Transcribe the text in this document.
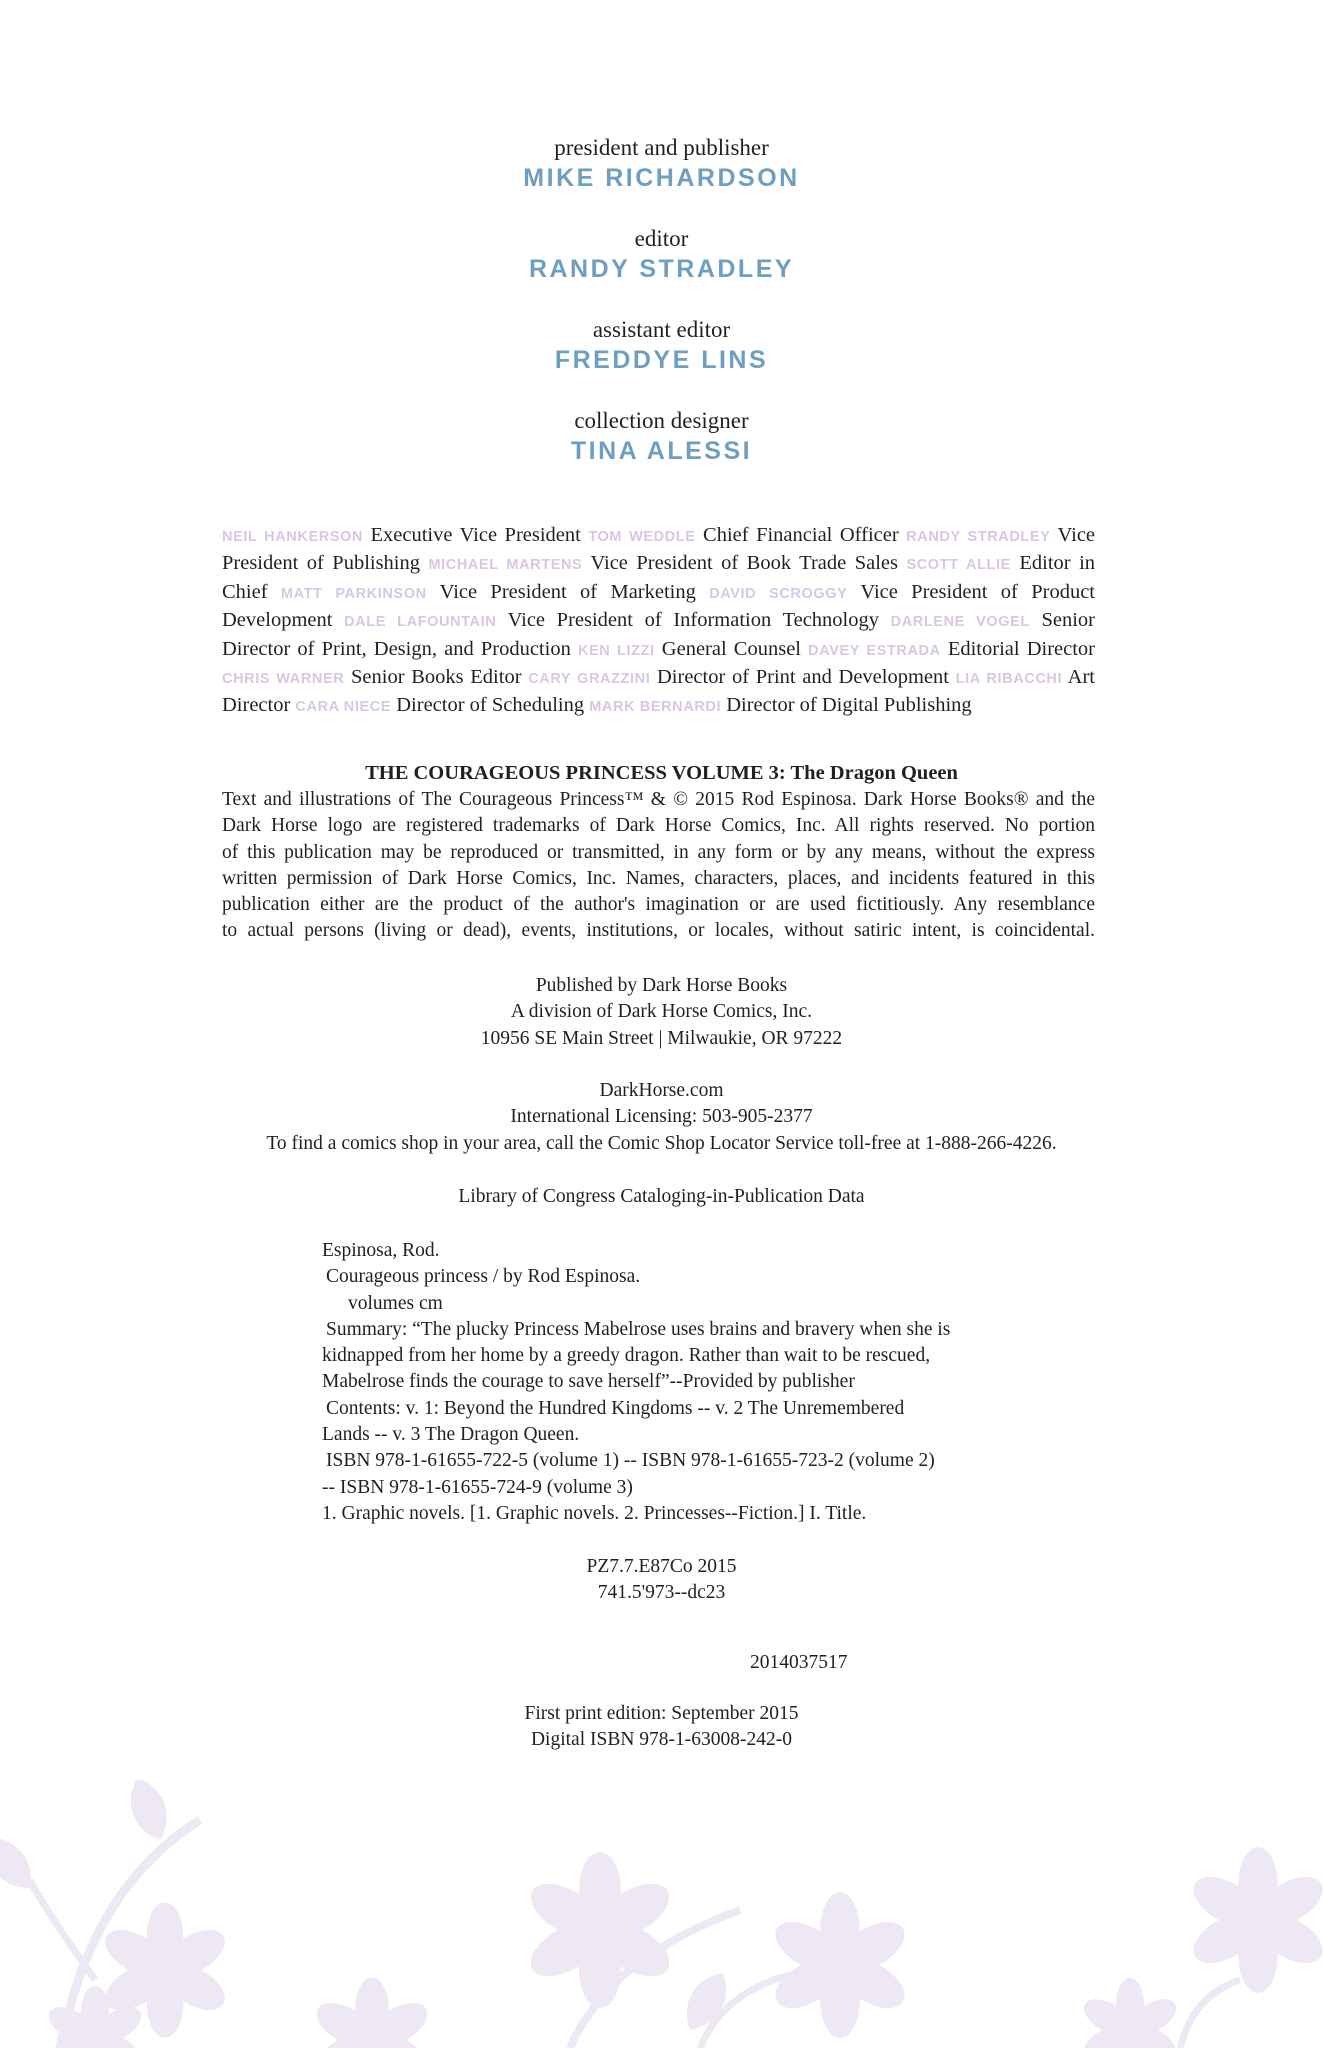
president and publisher
MIKE RICHARDSON
editor
RANDY STRADLEY
assistant editor
FREDDYE LINS
collection designer
TINA ALESSI
NEIL HANKERSON Executive Vice President TOM WEDDLE Chief Financial Officer RANDY STRADLEY Vice President of Publishing MICHAEL MARTENS Vice President of Book Trade Sales SCOTT ALLIE Editor in Chief MATT PARKINSON Vice President of Marketing DAVID SCROGGY Vice President of Product Development DALE LAFOUNTAIN Vice President of Information Technology DARLENE VOGEL Senior Director of Print, Design, and Production KEN LIZZI General Counsel DAVEY ESTRADA Editorial Director CHRIS WARNER Senior Books Editor CARY GRAZZINI Director of Print and Development LIA RIBACCHI Art Director CARA NIECE Director of Scheduling MARK BERNARDI Director of Digital Publishing
THE COURAGEOUS PRINCESS VOLUME 3: The Dragon Queen
Text and illustrations of The Courageous Princess™ & © 2015 Rod Espinosa. Dark Horse Books® and the
Dark Horse logo are registered trademarks of Dark Horse Comics, Inc. All rights reserved. No portion
of this publication may be reproduced or transmitted, in any form or by any means, without the express
written permission of Dark Horse Comics, Inc. Names, characters, places, and incidents featured in this
publication either are the product of the author's imagination or are used fictitiously. Any resemblance
to actual persons (living or dead), events, institutions, or locales, without satiric intent, is coincidental.
Published by Dark Horse Books
A division of Dark Horse Comics, Inc.
10956 SE Main Street | Milwaukie, OR 97222
DarkHorse.com
International Licensing: 503-905-2377
To find a comics shop in your area, call the Comic Shop Locator Service toll-free at 1-888-266-4226.
Library of Congress Cataloging-in-Publication Data
Espinosa, Rod.
Courageous princess / by Rod Espinosa.
volumes cm
Summary: “The plucky Princess Mabelrose uses brains and bravery when she is
kidnapped from her home by a greedy dragon. Rather than wait to be rescued,
Mabelrose finds the courage to save herself”--Provided by publisher
Contents: v. 1: Beyond the Hundred Kingdoms -- v. 2 The Unremembered
Lands -- v. 3 The Dragon Queen.
ISBN 978-1-61655-722-5 (volume 1) -- ISBN 978-1-61655-723-2 (volume 2)
-- ISBN 978-1-61655-724-9 (volume 3)
1. Graphic novels. [1. Graphic novels. 2. Princesses--Fiction.] I. Title.
PZ7.7.E87Co 2015
741.5'973--dc23
2014037517
First print edition: September 2015
Digital ISBN 978-1-63008-242-0
